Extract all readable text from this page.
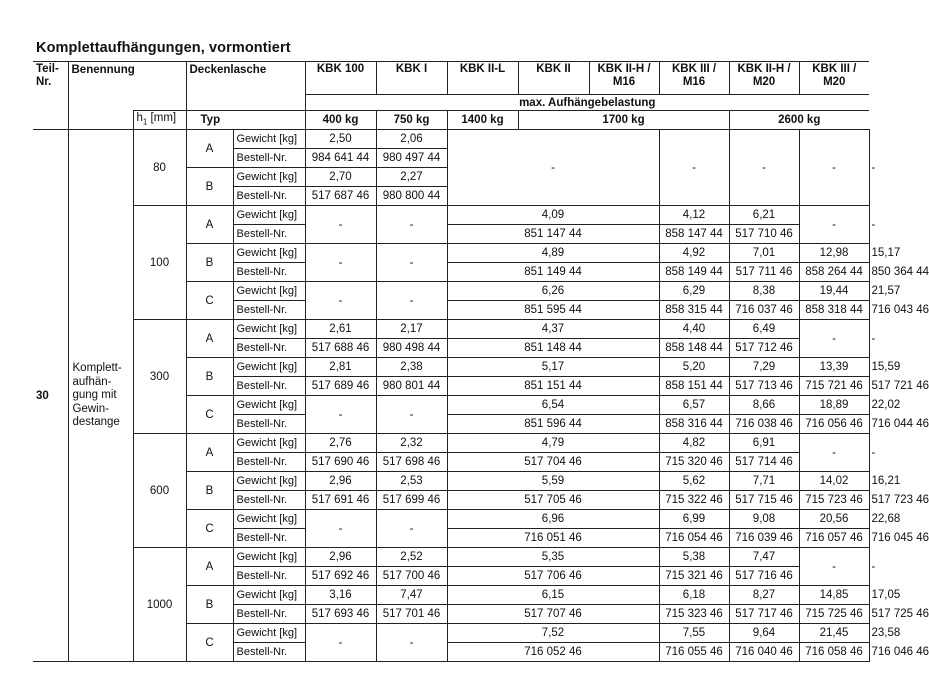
Komplettaufhängungen, vormontiert
Teil-
Nr.	Benennung		Deckenlasche		KBK 100	KBK I	KBK II-L	KBK II	KBK II-H / M16	KBK III / M16	KBK II-H / M20	KBK III / M20	
					max. Aufhängebelastung								
		$h_1$ [mm]	Typ		400 kg	750 kg	1400 kg	1700 kg			2600 kg		
30	Komplett-aufhän-gung mit Gewin-destange	80	A	Gewicht [kg]	2,50	2,06	-			-	-	-	-
				Bestell-Nr.	984 641 44	980 497 44							
			B	Gewicht [kg]	2,70	2,27							
				Bestell-Nr.	517 687 46	980 800 44							
		100	A	Gewicht [kg]	-	-	4,09			4,12	6,21	-	-
				Bestell-Nr.			851 147 44			858 147 44	517 710 46		
			B	Gewicht [kg]	-	-	4,89			4,92	7,01	12,98	15,17
				Bestell-Nr.			851 149 44			858 149 44	517 711 46	858 264 44	850 364 44
			C	Gewicht [kg]	-	-	6,26			6,29	8,38	19,44	21,57
				Bestell-Nr.			851 595 44			858 315 44	716 037 46	858 318 44	716 043 46
		300	A	Gewicht [kg]	2,61	2,17	4,37			4,40	6,49	-	-
				Bestell-Nr.	517 688 46	980 498 44	851 148 44			858 148 44	517 712 46		
			B	Gewicht [kg]	2,81	2,38	5,17			5,20	7,29	13,39	15,59
				Bestell-Nr.	517 689 46	980 801 44	851 151 44			858 151 44	517 713 46	715 721 46	517 721 46
			C	Gewicht [kg]	-	-	6,54			6,57	8,66	18,89	22,02
				Bestell-Nr.			851 596 44			858 316 44	716 038 46	716 056 46	716 044 46
		600	A	Gewicht [kg]	2,76	2,32	4,79			4,82	6,91	-	-
				Bestell-Nr.	517 690 46	517 698 46	517 704 46			715 320 46	517 714 46		
			B	Gewicht [kg]	2,96	2,53	5,59			5,62	7,71	14,02	16,21
				Bestell-Nr.	517 691 46	517 699 46	517 705 46			715 322 46	517 715 46	715 723 46	517 723 46
			C	Gewicht [kg]	-	-	6,96			6,99	9,08	20,56	22,68
				Bestell-Nr.			716 051 46			716 054 46	716 039 46	716 057 46	716 045 46
		1000	A	Gewicht [kg]	2,96	2,52	5,35			5,38	7,47	-	-
				Bestell-Nr.	517 692 46	517 700 46	517 706 46			715 321 46	517 716 46		
			B	Gewicht [kg]	3,16	7,47	6,15			6,18	8,27	14,85	17,05
				Bestell-Nr.	517 693 46	517 701 46	517 707 46			715 323 46	517 717 46	715 725 46	517 725 46
			C	Gewicht [kg]	-	-	7,52			7,55	9,64	21,45	23,58
				Bestell-Nr.			716 052 46			716 055 46	716 040 46	716 058 46	716 046 46
